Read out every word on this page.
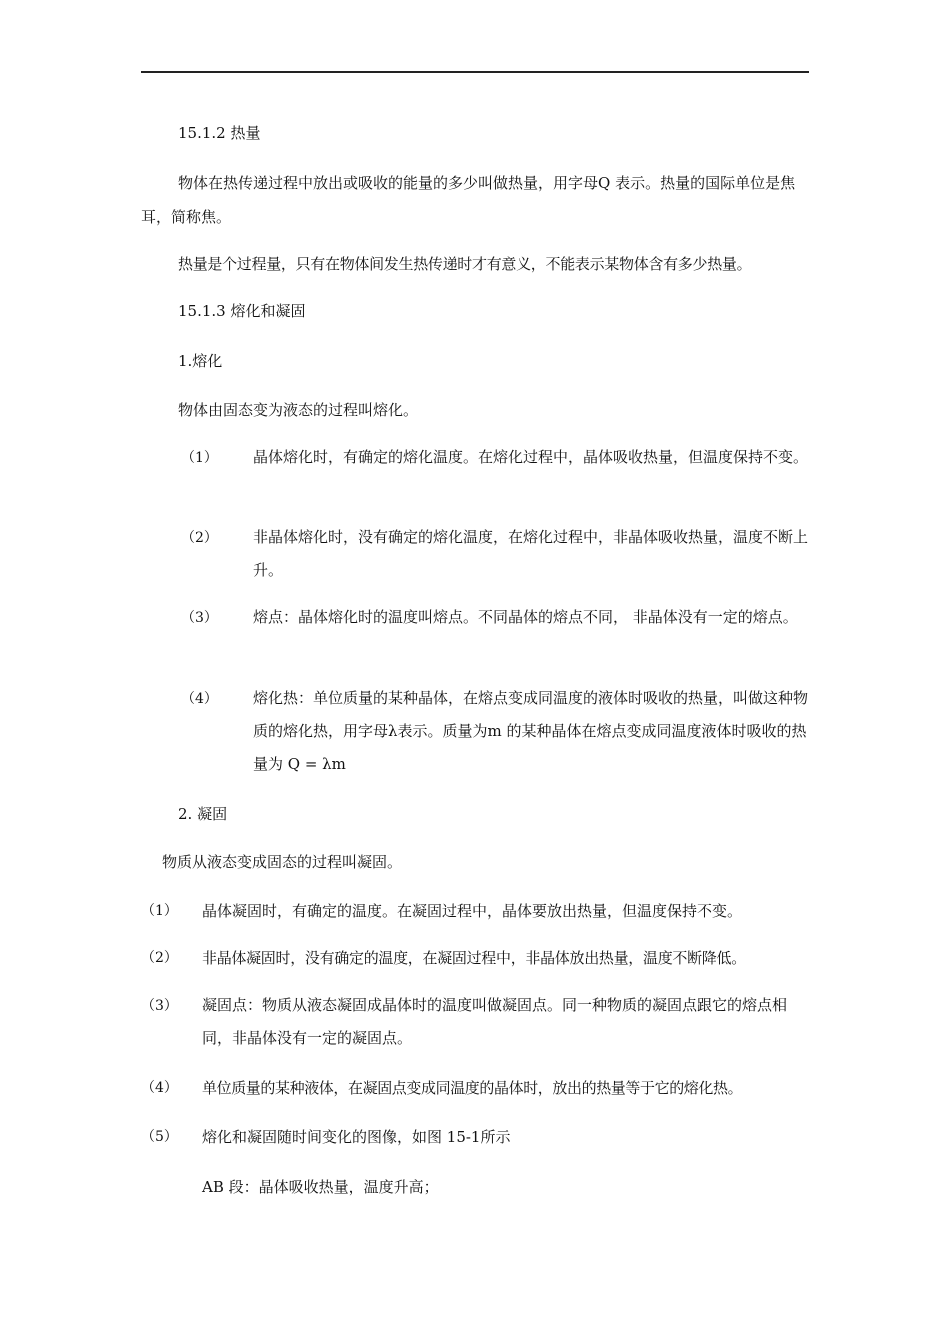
15.1.2 热量
物体在热传递过程中放出或吸收的能量的多少叫做热量，用字母Q 表示。热量的国际单位是焦耳，简称焦。
热量是个过程量，只有在物体间发生热传递时才有意义，不能表示某物体含有多少热量。
15.1.3 熔化和凝固
1.熔化
物体由固态变为液态的过程叫熔化。
（1） 晶体熔化时，有确定的熔化温度。在熔化过程中，晶体吸收热量，但温度保持不变。
（2） 非晶体熔化时，没有确定的熔化温度，在熔化过程中，非晶体吸收热量，温度不断上升。
（3） 熔点：晶体熔化时的温度叫熔点。不同晶体的熔点不同， 非晶体没有一定的熔点。
（4） 熔化热：单位质量的某种晶体，在熔点变成同温度的液体时吸收的热量，叫做这种物质的熔化热，用字母λ表示。质量为m 的某种晶体在熔点变成同温度液体时吸收的热量为 Q = λm
2. 凝固
物质从液态变成固态的过程叫凝固。
（1） 晶体凝固时，有确定的温度。在凝固过程中，晶体要放出热量，但温度保持不变。
（2） 非晶体凝固时，没有确定的温度，在凝固过程中，非晶体放出热量，温度不断降低。
（3） 凝固点：物质从液态凝固成晶体时的温度叫做凝固点。同一种物质的凝固点跟它的熔点相同，非晶体没有一定的凝固点。
（4） 单位质量的某种液体，在凝固点变成同温度的晶体时，放出的热量等于它的熔化热。
（5） 熔化和凝固随时间变化的图像，如图 15-1所示
AB 段：晶体吸收热量，温度升高；
